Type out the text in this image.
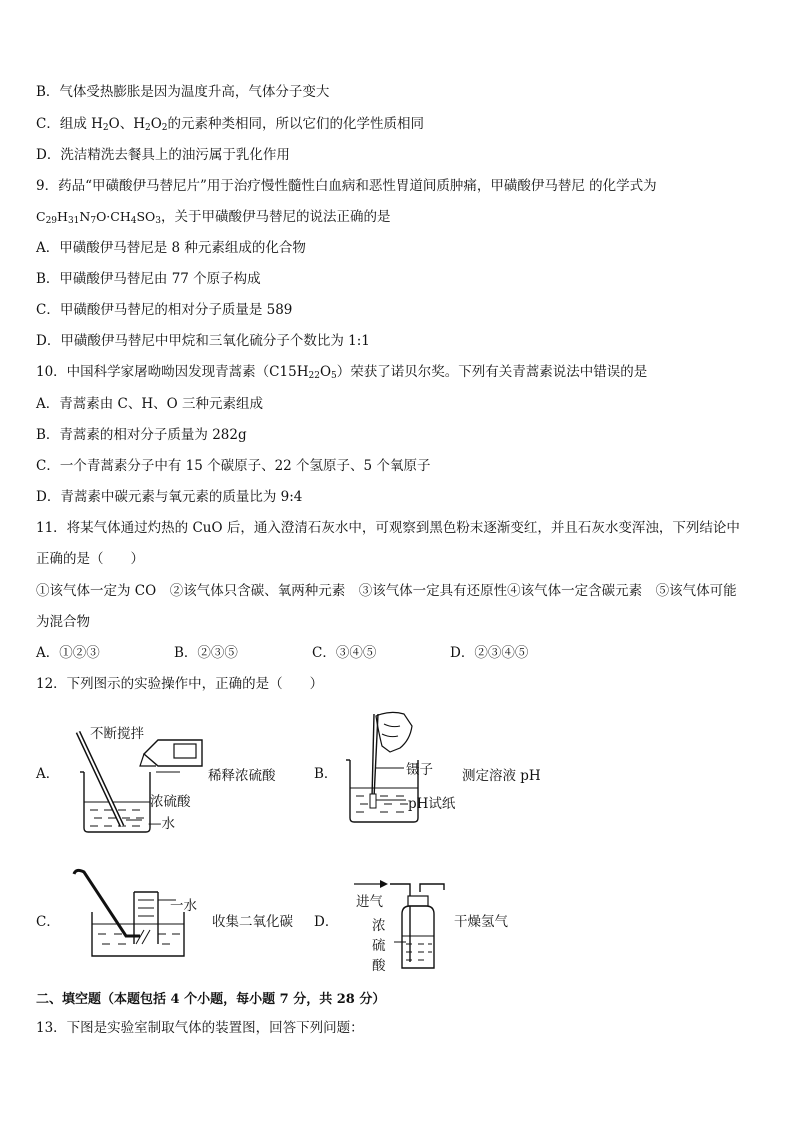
B．气体受热膨胀是因为温度升高，气体分子变大
C．组成 $H_2O$、$H_2O_2$的元素种类相同，所以它们的化学性质相同
D．洗洁精洗去餐具上的油污属于乳化作用
9．药品“甲磺酸伊马替尼片”用于治疗慢性髓性白血病和恶性胃道间质肿痛，甲磺酸伊马替尼 的化学式为
$C_{29}H_{31}N_7O\cdot CH_4SO_3$，关于甲磺酸伊马替尼的说法正确的是
A．甲磺酸伊马替尼是 8 种元素组成的化合物
B．甲磺酸伊马替尼由 77 个原子构成
C．甲磺酸伊马替尼的相对分子质量是 589
D．甲磺酸伊马替尼中甲烷和三氧化硫分子个数比为 1:1
10．中国科学家屠呦呦因发现青蒿素$(C15H_{22}O_5)$荣获了诺贝尔奖。下列有关青蒿素说法中错误的是
A．青蒿素由 C、H、O 三种元素组成
B．青蒿素的相对分子质量为 282g
C．一个青蒿素分子中有 15 个碳原子、22 个氢原子、5 个氧原子
D．青蒿素中碳元素与氧元素的质量比为 9:4
11．将某气体通过灼热的 CuO 后，通入澄清石灰水中，可观察到黑色粉末逐渐变红，并且石灰水变浑浊，下列结论中
正确的是（　　）
①该气体一定为 CO　②该气体只含碳、氧两种元素　③该气体一定具有还原性④该气体一定含碳元素　⑤该气体可能
为混合物
A．①②③	B．②③⑤	C．③④⑤	D．②③④⑤
12．下列图示的实验操作中，正确的是（　　）
A．
不断搅拌
稀释浓硫酸
浓硫酸
—水
B．	镊子 测定溶液 pH
pH试纸
C．
一水
收集二氧化碳 D．
进气
浓
硫
酸
干燥氢气
二、填空题（本题包括 4 个小题，每小题 7 分，共 28 分）
13．下图是实验室制取气体的装置图，回答下列问题：
